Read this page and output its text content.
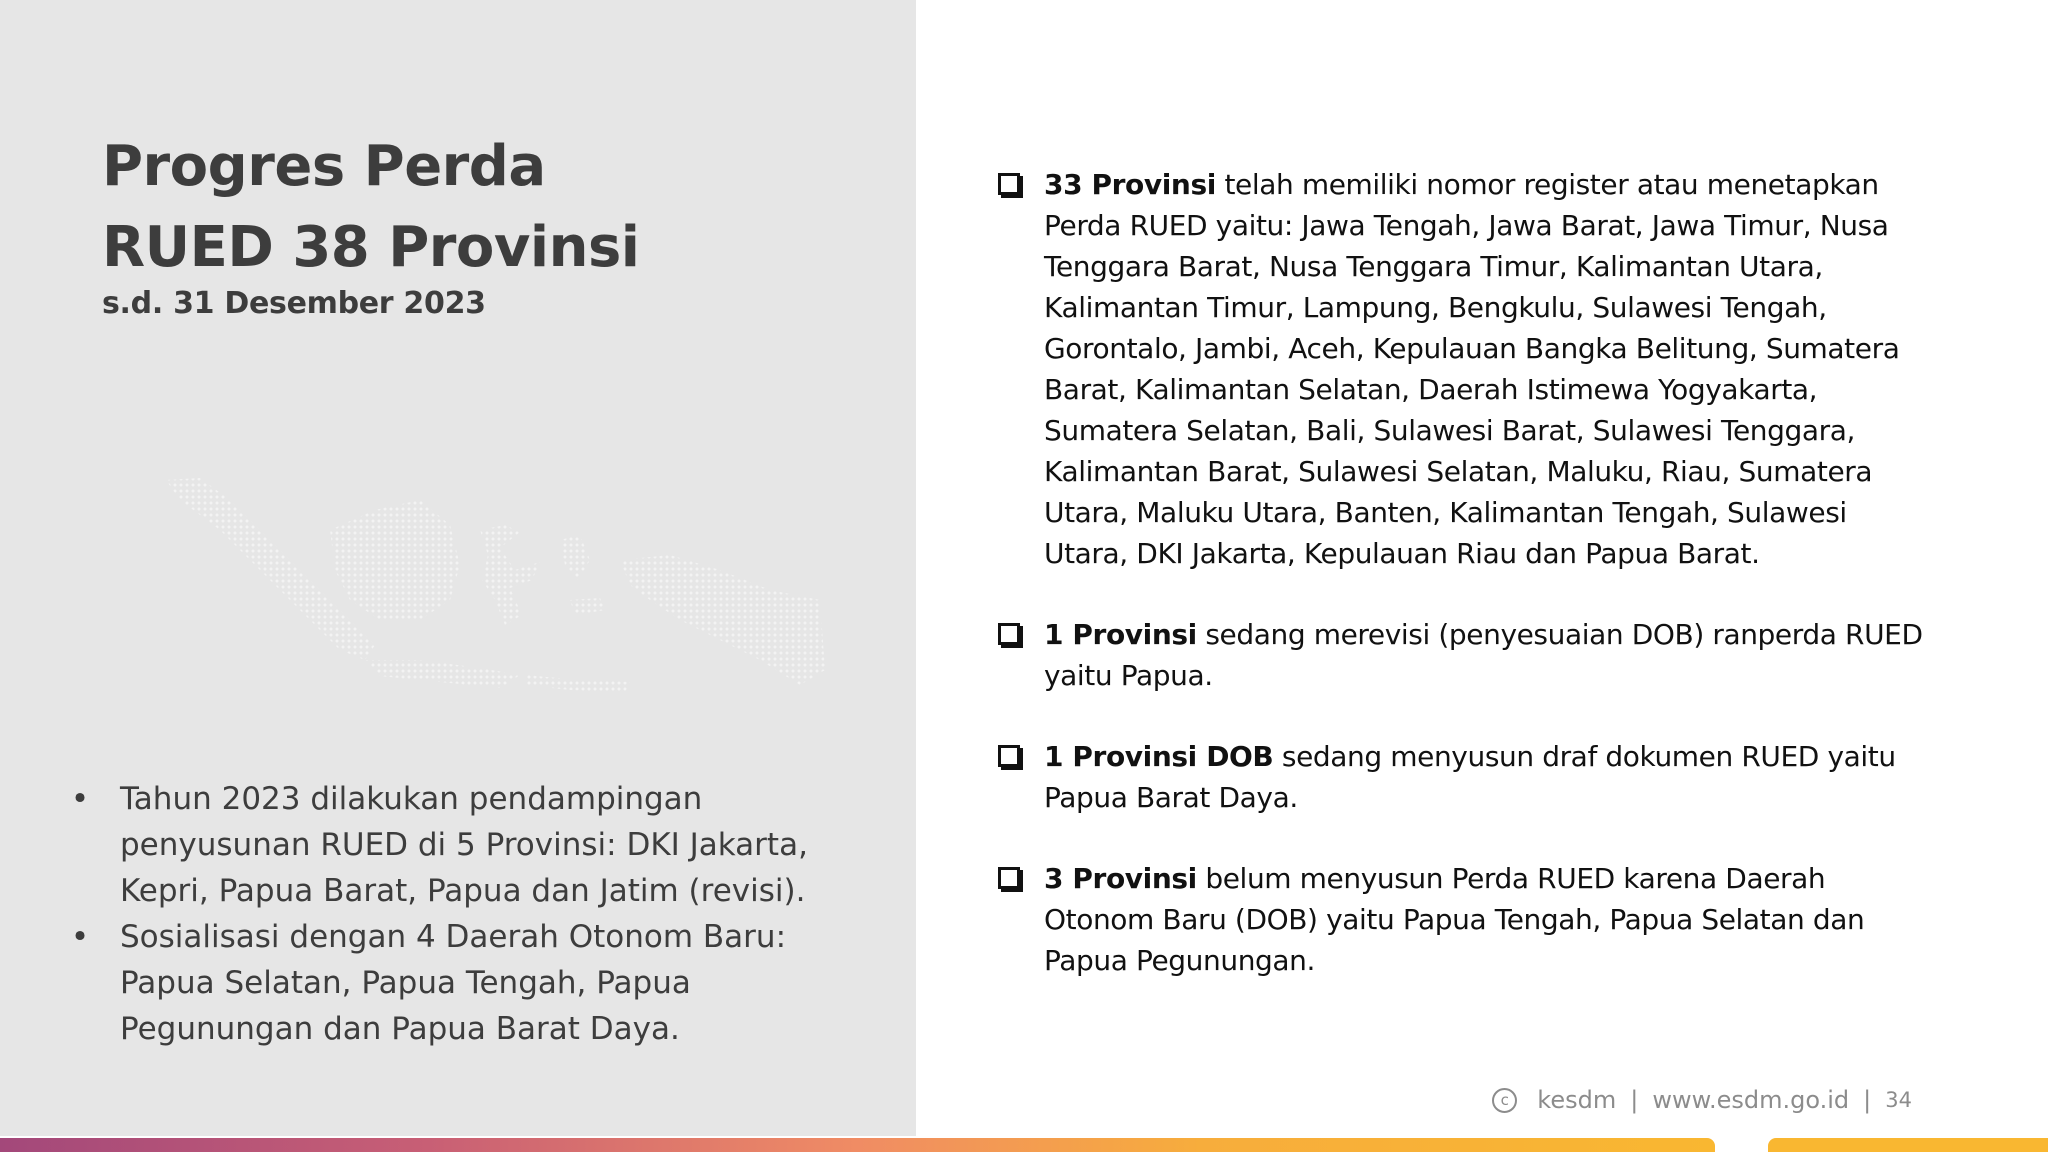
Progres Perda
RUED 38 Provinsi
s.d. 31 Desember 2023
• Tahun 2023 dilakukan pendampingan penyusunan RUED di 5 Provinsi: DKI Jakarta, Kepri, Papua Barat, Papua dan Jatim (revisi).
• Sosialisasi dengan 4 Daerah Otonom Baru: Papua Selatan, Papua Tengah, Papua Pegunungan dan Papua Barat Daya.
33 Provinsi telah memiliki nomor register atau menetapkan Perda RUED yaitu: Jawa Tengah, Jawa Barat, Jawa Timur, Nusa Tenggara Barat, Nusa Tenggara Timur, Kalimantan Utara, Kalimantan Timur, Lampung, Bengkulu, Sulawesi Tengah, Gorontalo, Jambi, Aceh, Kepulauan Bangka Belitung, Sumatera Barat, Kalimantan Selatan, Daerah Istimewa Yogyakarta, Sumatera Selatan, Bali, Sulawesi Barat, Sulawesi Tenggara, Kalimantan Barat, Sulawesi Selatan, Maluku, Riau, Sumatera Utara, Maluku Utara, Banten, Kalimantan Tengah, Sulawesi Utara, DKI Jakarta, Kepulauan Riau dan Papua Barat.
1 Provinsi sedang merevisi (penyesuaian DOB) ranperda RUED yaitu Papua.
1 Provinsi DOB sedang menyusun draf dokumen RUED yaitu Papua Barat Daya.
3 Provinsi belum menyusun Perda RUED karena Daerah Otonom Baru (DOB) yaitu Papua Tengah, Papua Selatan dan Papua Pegunungan.
c	kesdm | www.esdm.go.id | 34
